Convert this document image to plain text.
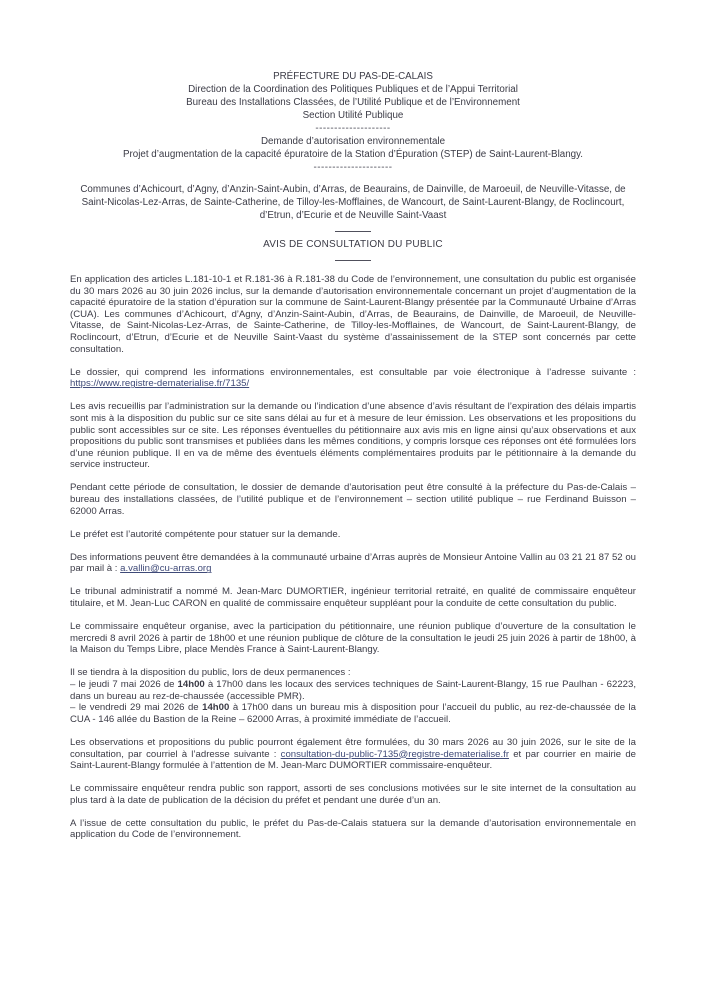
PRÉFECTURE DU PAS-DE-CALAIS
Direction de la Coordination des Politiques Publiques et de l’Appui Territorial
Bureau des Installations Classées, de l’Utilité Publique et de l’Environnement
Section Utilité Publique
--------------------
Demande d’autorisation environnementale
Projet d’augmentation de la capacité épuratoire de la Station d’Épuration (STEP) de Saint-Laurent-Blangy.
---------------------
Communes d’Achicourt, d’Agny, d’Anzin-Saint-Aubin, d’Arras, de Beaurains, de Dainville, de Maroeuil, de Neuville-Vitasse, de Saint-Nicolas-Lez-Arras, de Sainte-Catherine, de Tilloy-les-Mofflaines, de Wancourt, de Saint-Laurent-Blangy, de Roclincourt, d’Etrun, d’Ecurie et de Neuville Saint-Vaast
AVIS DE CONSULTATION DU PUBLIC

En application des articles L.181-10-1 et R.181-36 à R.181-38 du Code de l’environnement, une consultation du public est organisée du 30 mars 2026 au 30 juin 2026 inclus, sur la demande d’autorisation environnementale concernant un projet d’augmentation de la capacité épuratoire de la station d’épuration sur la commune de Saint-Laurent-Blangy présentée par la Communauté Urbaine d’Arras (CUA). Les communes d’Achicourt, d’Agny, d’Anzin-Saint-Aubin, d’Arras, de Beaurains, de Dainville, de Maroeuil, de Neuville-Vitasse, de Saint-Nicolas-Lez-Arras, de Sainte-Catherine, de Tilloy-les-Mofflaines, de Wancourt, de Saint-Laurent-Blangy, de Roclincourt, d’Etrun, d’Ecurie et de Neuville Saint-Vaast du système d’assainissement de la STEP sont concernés par cette consultation.

Le dossier, qui comprend les informations environnementales, est consultable par voie électronique à l’adresse suivante : https://www.registre-dematerialise.fr/7135/

Les avis recueillis par l’administration sur la demande ou l’indication d’une absence d’avis résultant de l’expiration des délais impartis sont mis à la disposition du public sur ce site sans délai au fur et à mesure de leur émission. Les observations et les propositions du public sont accessibles sur ce site. Les réponses éventuelles du pétitionnaire aux avis mis en ligne ainsi qu’aux observations et aux propositions du public sont transmises et publiées dans les mêmes conditions, y compris lorsque ces réponses ont été formulées lors d’une réunion publique. Il en va de même des éventuels éléments complémentaires produits par le pétitionnaire à la demande du service instructeur.

Pendant cette période de consultation, le dossier de demande d’autorisation peut être consulté à la préfecture du Pas-de-Calais – bureau des installations classées, de l’utilité publique et de l’environnement – section utilité publique – rue Ferdinand Buisson – 62000 Arras.

Le préfet est l’autorité compétente pour statuer sur la demande.

Des informations peuvent être demandées à la communauté urbaine d’Arras auprès de Monsieur Antoine Vallin au 03 21 21 87 52 ou par mail à : a.vallin@cu-arras.org

Le tribunal administratif a nommé M. Jean-Marc DUMORTIER, ingénieur territorial retraité, en qualité de commissaire enquêteur titulaire, et M. Jean-Luc CARON en qualité de commissaire enquêteur suppléant pour la conduite de cette consultation du public.

Le commissaire enquêteur organise, avec la participation du pétitionnaire, une réunion publique d’ouverture de la consultation le mercredi 8 avril 2026 à partir de 18h00 et une réunion publique de clôture de la consultation le jeudi 25 juin 2026 à partir de 18h00, à la Maison du Temps Libre, place Mendès France à Saint-Laurent-Blangy.

Il se tiendra à la disposition du public, lors de deux permanences :
– le jeudi 7 mai 2026 de 14h00 à 17h00 dans les locaux des services techniques de Saint-Laurent-Blangy, 15 rue Paulhan - 62223, dans un bureau au rez-de-chaussée (accessible PMR).
– le vendredi 29 mai 2026 de 14h00 à 17h00 dans un bureau mis à disposition pour l’accueil du public, au rez-de-chaussée de la CUA - 146 allée du Bastion de la Reine – 62000 Arras, à proximité immédiate de l’accueil.

Les observations et propositions du public pourront également être formulées, du 30 mars 2026 au 30 juin 2026, sur le site de la consultation, par courriel à l’adresse suivante : consultation-du-public-7135@registre-dematerialise.fr et par courrier en mairie de Saint-Laurent-Blangy formulée à l’attention de M. Jean-Marc DUMORTIER commissaire-enquêteur.

Le commissaire enquêteur rendra public son rapport, assorti de ses conclusions motivées sur le site internet de la consultation au plus tard à la date de publication de la décision du préfet et pendant une durée d’un an.

A l’issue de cette consultation du public, le préfet du Pas-de-Calais statuera sur la demande d’autorisation environnementale en application du Code de l’environnement.
